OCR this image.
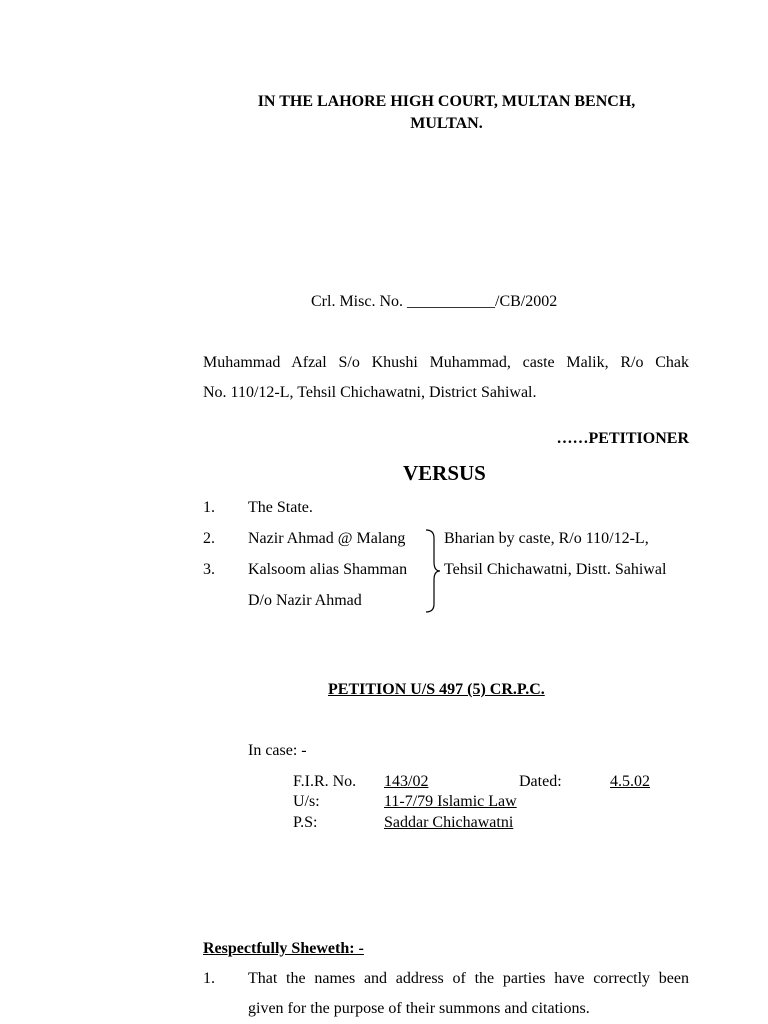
IN THE LAHORE HIGH COURT, MULTAN BENCH,
MULTAN.
Crl. Misc. No. ___________/CB/2002
Muhammad Afzal S/o Khushi Muhammad, caste Malik, R/o Chak
No. 110/12-L, Tehsil Chichawatni, District Sahiwal.
……PETITIONER
VERSUS
1. The State.
2. Nazir Ahmad @ Malang
3. Kalsoom alias Shamman
D/o Nazir Ahmad
Bharian by caste, R/o 110/12-L,
Tehsil Chichawatni, Distt. Sahiwal
PETITION U/S 497 (5) CR.P.C.
In case: -
F.I.R. No. 143/02	Dated:	4.5.02
U/s:	11-7/79 Islamic Law
P.S:	Saddar Chichawatni
Respectfully Sheweth: -
1. That the names and address of the parties have correctly been
given for the purpose of their summons and citations.
